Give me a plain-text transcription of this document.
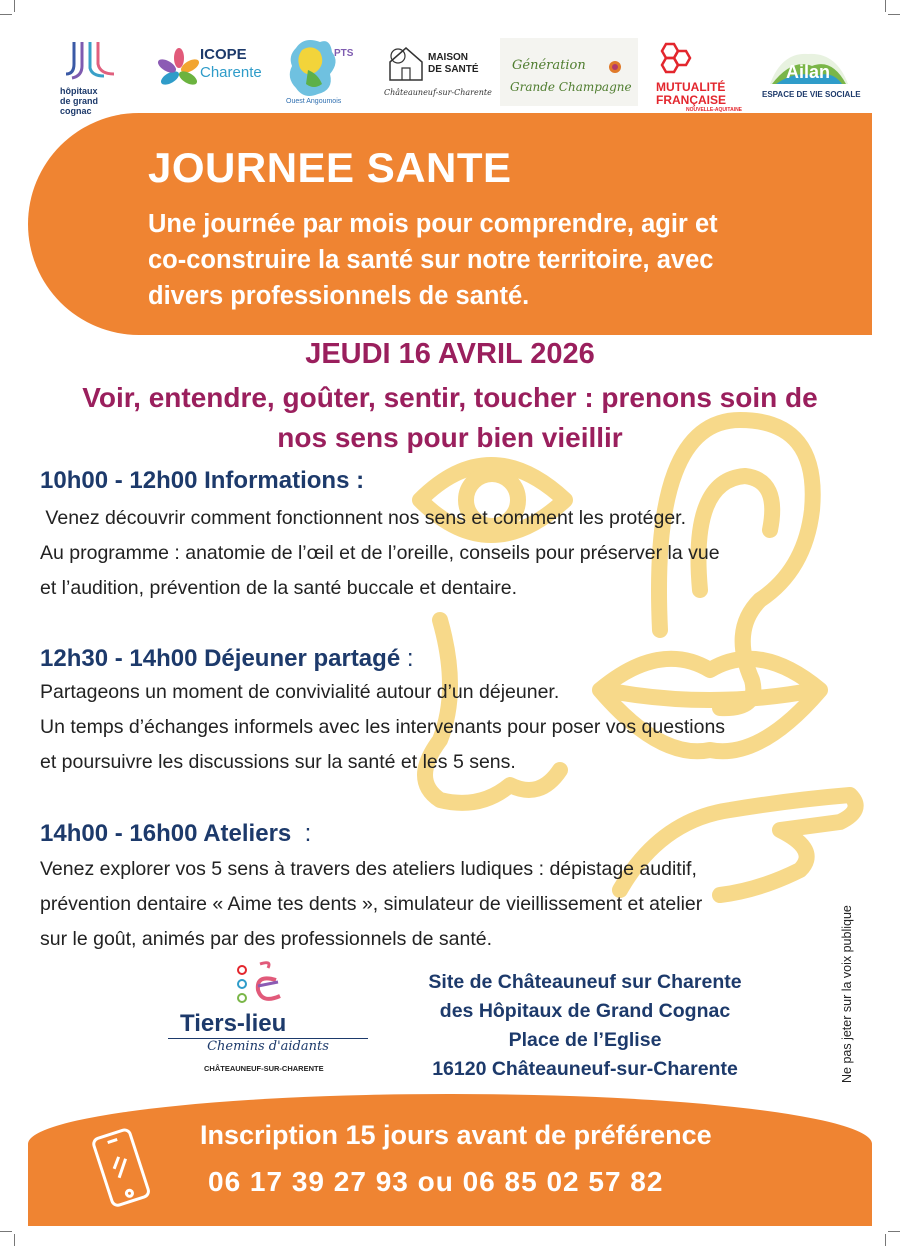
hôpitaux
de grand
cognac
ICOPE
Charente
PTS
Ouest Angoumois
MAISON
DE SANTÉ
Châteauneuf-sur-Charente
Génération
Grande Champagne MUTUALITÉ
FRANÇAISE
NOUVELLE-AQUITAINE
Ailan
ESPACE DE VIE SOCIALE
JOURNEE SANTE
Une journée par mois pour comprendre, agir et
co-construire la santé sur notre territoire, avec
divers professionnels de santé.
JEUDI 16 AVRIL 2026
Voir, entendre, goûter, sentir, toucher : prenons soin de
nos sens pour bien vieillir
10h00 - 12h00 Informations :

Venez découvrir comment fonctionnent nos sens et comment les protéger.

Au programme : anatomie de l’œil et de l’oreille, conseils pour préserver la vue

et l’audition, prévention de la santé buccale et dentaire.

12h30 - 14h00 Déjeuner partagé :

Partageons un moment de convivialité autour d’un déjeuner.

Un temps d’échanges informels avec les intervenants pour poser vos questions

et poursuivre les discussions sur la santé et les 5 sens.

14h00 - 16h00 Ateliers  :

Venez explorer vos 5 sens à travers des ateliers ludiques : dépistage auditif,

prévention dentaire « Aime tes dents », simulateur de vieillissement et atelier

sur le goût, animés par des professionnels de santé.

Tiers-lieu
Chemins d'aidants
CHÂTEAUNEUF-SUR-CHARENTE
Site de Châteauneuf sur Charente
des Hôpitaux de Grand Cognac
Place de l’Eglise
16120 Châteauneuf-sur-Charente	Ne pas jeter sur la voix publique
Inscription 15 jours avant de préférence
06 17 39 27 93 ou 06 85 02 57 82
